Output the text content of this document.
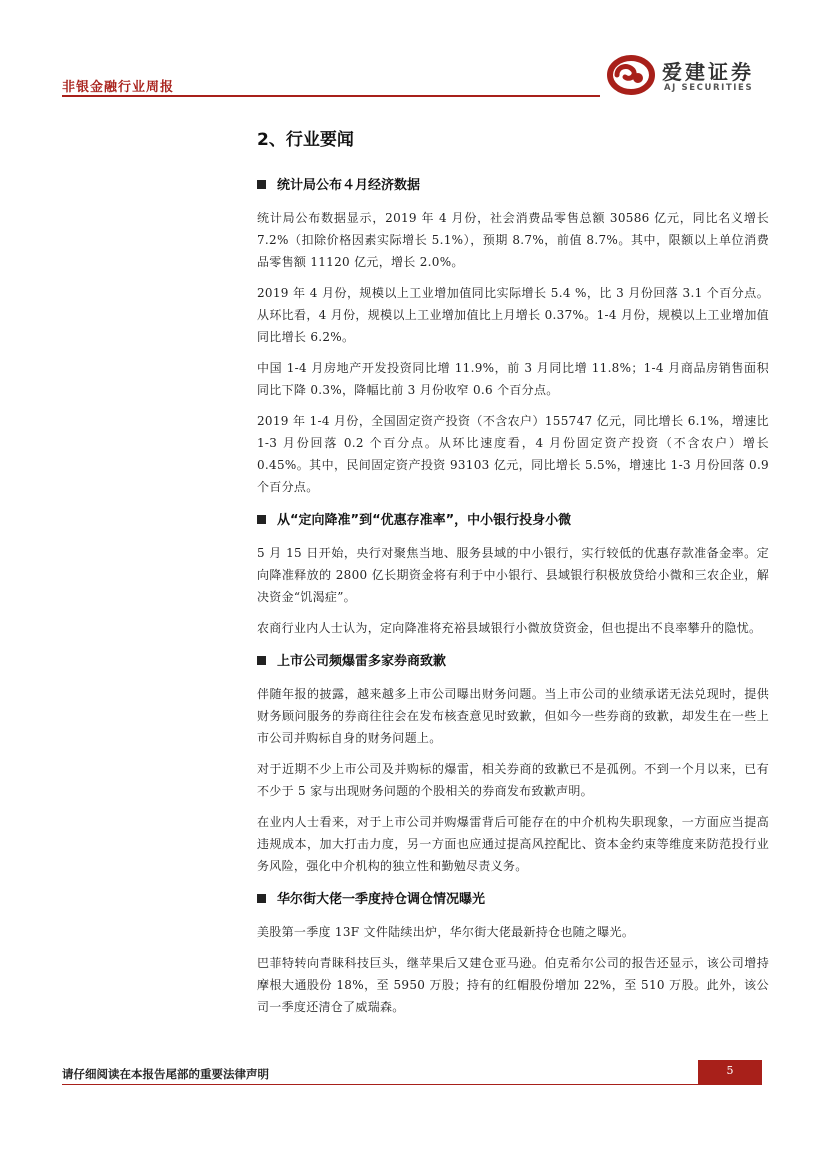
非银金融行业周报
爱建证券
AJ SECURITIES
2、行业要闻
统计局公布４月经济数据

统计局公布数据显示，2019 年 4 月份，社会消费品零售总额 30586 亿元，同比名义增长 7.2%（扣除价格因素实际增长 5.1%），预期 8.7%，前值 8.7%。其中，限额以上单位消费品零售额 11120 亿元，增长 2.0%。

2019 年 4 月份，规模以上工业增加值同比实际增长 5.4 %，比 3 月份回落 3.1 个百分点。从环比看，4 月份，规模以上工业增加值比上月增长 0.37%。1-4 月份，规模以上工业增加值同比增长 6.2%。

中国 1-4 月房地产开发投资同比增 11.9%，前 3 月同比增 11.8%；1-4 月商品房销售面积同比下降 0.3%，降幅比前 3 月份收窄 0.6 个百分点。

2019 年 1-4 月份，全国固定资产投资（不含农户）155747 亿元，同比增长 6.1%，增速比 1-3 月份回落 0.2 个百分点。从环比速度看，4 月份固定资产投资（不含农户）增长 0.45%。其中，民间固定资产投资 93103 亿元，同比增长 5.5%，增速比 1-3 月份回落 0.9 个百分点。

从“定向降准”到“优惠存准率”，中小银行投身小微

5 月 15 日开始，央行对聚焦当地、服务县域的中小银行，实行较低的优惠存款准备金率。定向降准释放的 2800 亿长期资金将有利于中小银行、县域银行积极放贷给小微和三农企业，解决资金“饥渴症”。

农商行业内人士认为，定向降准将充裕县域银行小微放贷资金，但也提出不良率攀升的隐忧。

上市公司频爆雷多家券商致歉

伴随年报的披露，越来越多上市公司曝出财务问题。当上市公司的业绩承诺无法兑现时，提供财务顾问服务的券商往往会在发布核查意见时致歉，但如今一些券商的致歉，却发生在一些上市公司并购标自身的财务问题上。

对于近期不少上市公司及并购标的爆雷，相关券商的致歉已不是孤例。不到一个月以来，已有不少于 5 家与出现财务问题的个股相关的券商发布致歉声明。

在业内人士看来，对于上市公司并购爆雷背后可能存在的中介机构失职现象，一方面应当提高违规成本，加大打击力度，另一方面也应通过提高风控配比、资本金约束等维度来防范投行业务风险，强化中介机构的独立性和勤勉尽责义务。

华尔街大佬一季度持仓调仓情况曝光

美股第一季度 13F 文件陆续出炉，华尔街大佬最新持仓也随之曝光。

巴菲特转向青睐科技巨头，继苹果后又建仓亚马逊。伯克希尔公司的报告还显示，该公司增持摩根大通股份 18%，至 5950 万股；持有的红帽股份增加 22%，至 510 万股。此外，该公司一季度还清仓了威瑞森。

请仔细阅读在本报告尾部的重要法律声明	5
